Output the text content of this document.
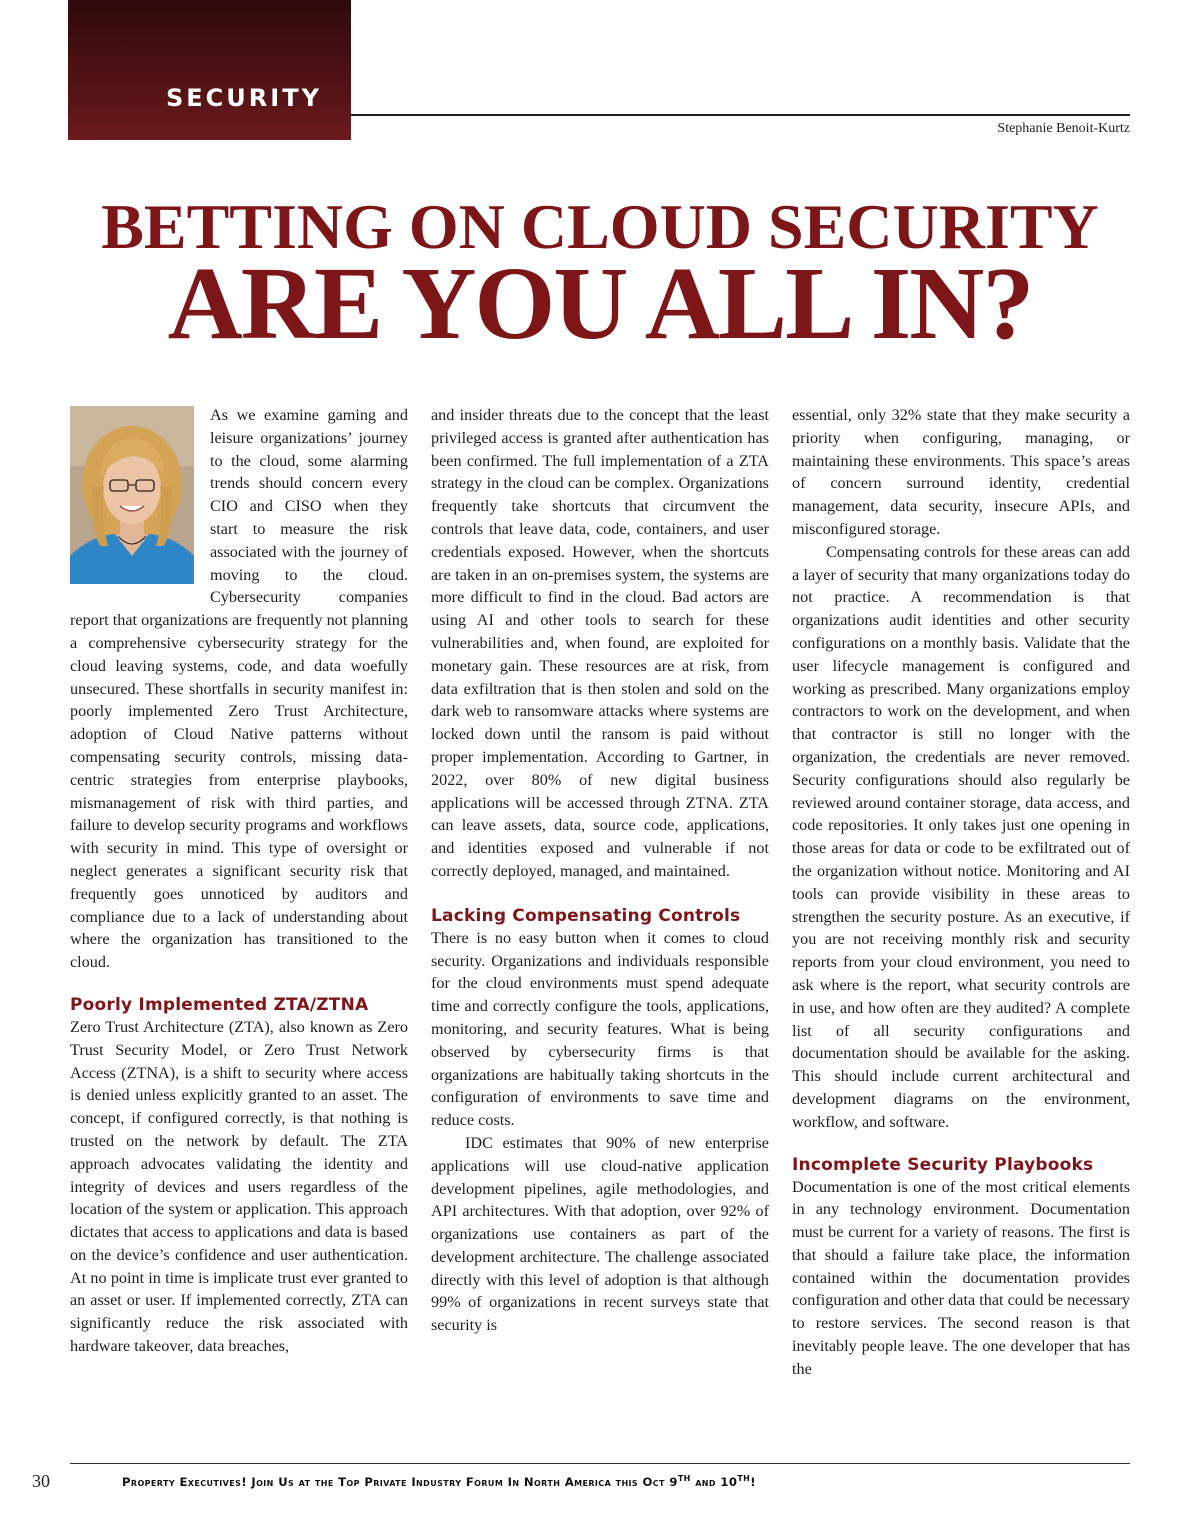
SECURITY
Stephanie Benoit-Kurtz
BETTING ON CLOUD SECURITY
ARE YOU ALL IN?

As we examine gaming and leisure organizations’ journey to the cloud, some alarming trends should concern every CIO and CISO when they start to measure the risk associated with the journey of moving to the cloud. Cybersecurity companies report that organizations are frequently not planning a comprehensive cybersecurity strategy for the cloud leaving systems, code, and data woefully unsecured. These shortfalls in security manifest in: poorly implemented Zero Trust Architecture, adoption of Cloud Native patterns without compensating security controls, missing data-centric strategies from enterprise playbooks, mismanagement of risk with third parties, and failure to develop security programs and workflows with security in mind. This type of oversight or neglect generates a significant security risk that frequently goes unnoticed by auditors and compliance due to a lack of understanding about where the organization has transitioned to the cloud.

Poorly Implemented ZTA/ZTNA

Zero Trust Architecture (ZTA), also known as Zero Trust Security Model, or Zero Trust Network Access (ZTNA), is a shift to security where access is denied unless explicitly granted to an asset. The concept, if configured correctly, is that nothing is trusted on the network by default. The ZTA approach advocates validating the identity and integrity of devices and users regardless of the location of the system or application. This approach dictates that access to applications and data is based on the device’s confidence and user authentication. At no point in time is implicate trust ever granted to an asset or user. If implemented correctly, ZTA can significantly reduce the risk associated with hardware takeover, data breaches,

and insider threats due to the concept that the least privileged access is granted after authentication has been confirmed. The full implementation of a ZTA strategy in the cloud can be complex. Organizations frequently take shortcuts that circumvent the controls that leave data, code, containers, and user credentials exposed. However, when the shortcuts are taken in an on-premises system, the systems are more difficult to find in the cloud. Bad actors are using AI and other tools to search for these vulnerabilities and, when found, are exploited for monetary gain. These resources are at risk, from data exfiltration that is then stolen and sold on the dark web to ransomware attacks where systems are locked down until the ransom is paid without proper implementation. According to Gartner, in 2022, over 80% of new digital business applications will be accessed through ZTNA. ZTA can leave assets, data, source code, applications, and identities exposed and vulnerable if not correctly deployed, managed, and maintained.

Lacking Compensating Controls

There is no easy button when it comes to cloud security. Organizations and individuals responsible for the cloud environments must spend adequate time and correctly configure the tools, applications, monitoring, and security features. What is being observed by cybersecurity firms is that organizations are habitually taking shortcuts in the configuration of environments to save time and reduce costs.

IDC estimates that 90% of new enterprise applications will use cloud-native application development pipelines, agile methodologies, and API architectures. With that adoption, over 92% of organizations use containers as part of the development architecture. The challenge associated directly with this level of adoption is that although 99% of organizations in recent surveys state that security is

essential, only 32% state that they make security a priority when configuring, managing, or maintaining these environments. This space’s areas of concern surround identity, credential management, data security, insecure APIs, and misconfigured storage.

Compensating controls for these areas can add a layer of security that many organizations today do not practice. A recommendation is that organizations audit identities and other security configurations on a monthly basis. Validate that the user lifecycle management is configured and working as prescribed. Many organizations employ contractors to work on the development, and when that contractor is still no longer with the organization, the credentials are never removed. Security configurations should also regularly be reviewed around container storage, data access, and code repositories. It only takes just one opening in those areas for data or code to be exfiltrated out of the organization without notice. Monitoring and AI tools can provide visibility in these areas to strengthen the security posture. As an executive, if you are not receiving monthly risk and security reports from your cloud environment, you need to ask where is the report, what security controls are in use, and how often are they audited? A complete list of all security configurations and documentation should be available for the asking. This should include current architectural and development diagrams on the environment, workflow, and software.

Incomplete Security Playbooks

Documentation is one of the most critical elements in any technology environment. Documentation must be current for a variety of reasons. The first is that should a failure take place, the information contained within the documentation provides configuration and other data that could be necessary to restore services. The second reason is that inevitably people leave. The one developer that has the

30	Property Executives! Join Us at the Top Private Industry Forum In North America this Oct 9TH and 10TH!
